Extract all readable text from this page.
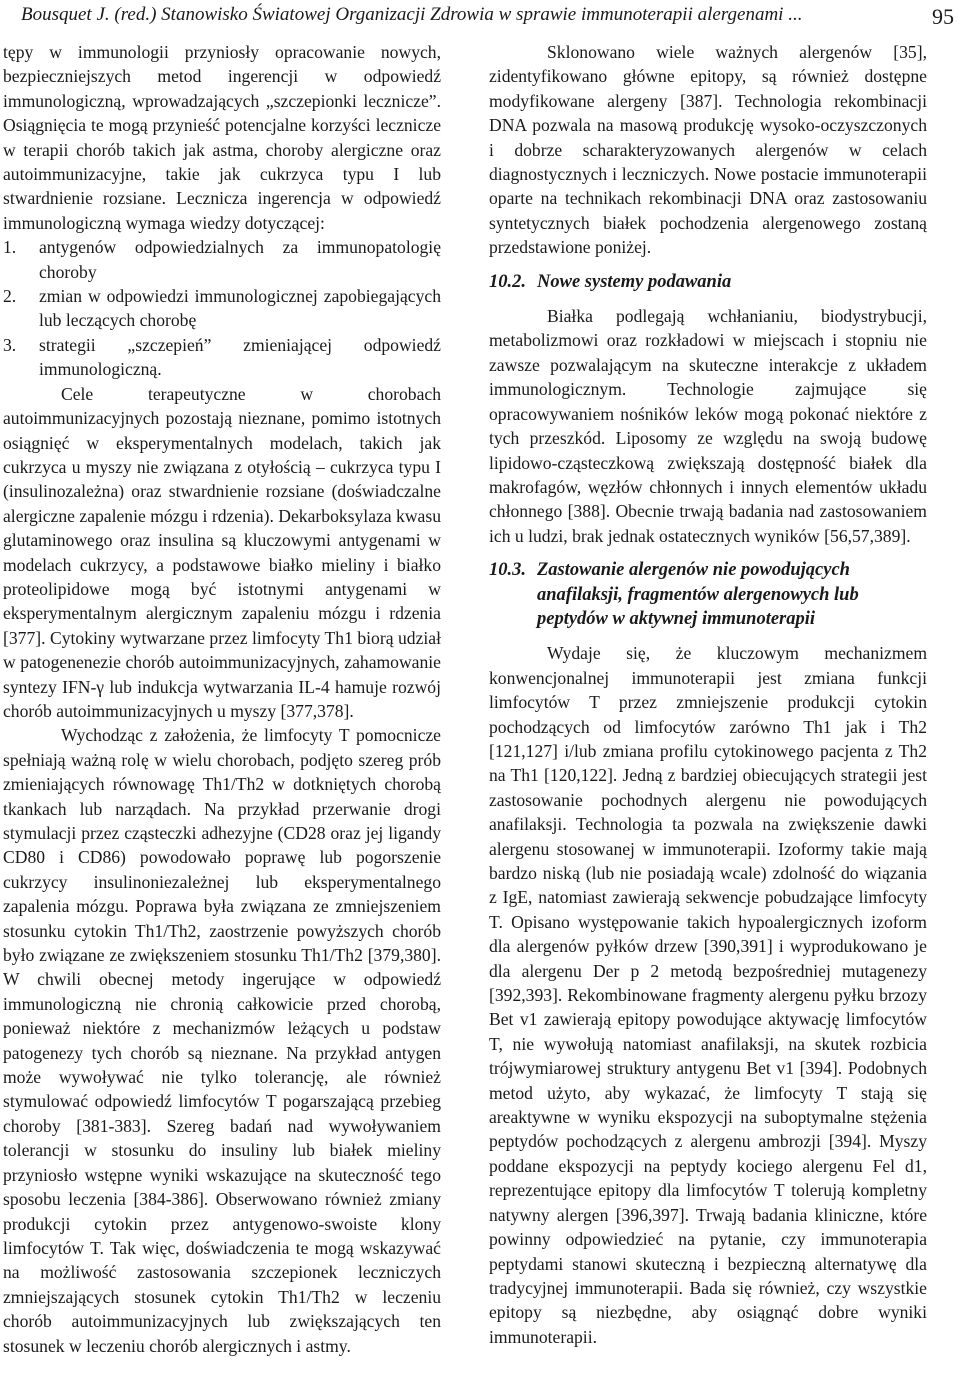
Bousquet J. (red.) Stanowisko Światowej Organizacji Zdrowia w sprawie immunoterapii alergenami ...	95

tępy w immunologii przyniosły opracowanie nowych, bezpieczniejszych metod ingerencji w odpowiedź immunologiczną, wprowadzających „szczepionki lecznicze”. Osiągnięcia te mogą przynieść potencjalne korzyści lecznicze w terapii chorób takich jak astma, choroby alergiczne oraz autoimmunizacyjne, takie jak cukrzyca typu I lub stwardnienie rozsiane. Lecznicza ingerencja w odpowiedź immunologiczną wymaga wiedzy dotyczącej:

1. antygenów odpowiedzialnych za immunopatologię choroby
2. zmian w odpowiedzi immunologicznej zapobiegających lub leczących chorobę
3. strategii „szczepień” zmieniającej odpowiedź immunologiczną.

Cele terapeutyczne w chorobach autoimmunizacyjnych pozostają nieznane, pomimo istotnych osiągnięć w eksperymentalnych modelach, takich jak cukrzyca u myszy nie związana z otyłością – cukrzyca typu I (insulinozależna) oraz stwardnienie rozsiane (doświadczalne alergiczne zapalenie mózgu i rdzenia). Dekarboksylaza kwasu glutaminowego oraz insulina są kluczowymi antygenami w modelach cukrzycy, a podstawowe białko mieliny i białko proteolipidowe mogą być istotnymi antygenami w eksperymentalnym alergicznym zapaleniu mózgu i rdzenia [377]. Cytokiny wytwarzane przez limfocyty Th1 biorą udział w patogenenezie chorób autoimmunizacyjnych, zahamowanie syntezy IFN-γ lub indukcja wytwarzania IL-4 hamuje rozwój chorób autoimmunizacyjnych u myszy [377,378].

Wychodząc z założenia, że limfocyty T pomocnicze spełniają ważną rolę w wielu chorobach, podjęto szereg prób zmieniających równowagę Th1/Th2 w dotkniętych chorobą tkankach lub narządach. Na przykład przerwanie drogi stymulacji przez cząsteczki adhezyjne (CD28 oraz jej ligandy CD80 i CD86) powodowało poprawę lub pogorszenie cukrzycy insulinoniezależnej lub eksperymentalnego zapalenia mózgu. Poprawa była związana ze zmniejszeniem stosunku cytokin Th1/Th2, zaostrzenie powyższych chorób było związane ze zwiększeniem stosunku Th1/Th2 [379,380]. W chwili obecnej metody ingerujące w odpowiedź immunologiczną nie chronią całkowicie przed chorobą, ponieważ niektóre z mechanizmów leżących u podstaw patogenezy tych chorób są nieznane. Na przykład antygen może wywoływać nie tylko tolerancję, ale również stymulować odpowiedź limfocytów T pogarszającą przebieg choroby [381-383]. Szereg badań nad wywoływaniem tolerancji w stosunku do insuliny lub białek mieliny przyniosło wstępne wyniki wskazujące na skuteczność tego sposobu leczenia [384-386]. Obserwowano również zmiany produkcji cytokin przez antygenowo-swoiste klony limfocytów T. Tak więc, doświadczenia te mogą wskazywać na możliwość zastosowania szczepionek leczniczych zmniejszających stosunek cytokin Th1/Th2 w leczeniu chorób autoimmunizacyjnych lub zwiększających ten stosunek w leczeniu chorób alergicznych i astmy.

Sklonowano wiele ważnych alergenów [35], zidentyfikowano główne epitopy, są również dostępne modyfikowane alergeny [387]. Technologia rekombinacji DNA pozwala na masową produkcję wysoko-oczyszczonych i dobrze scharakteryzowanych alergenów w celach diagnostycznych i leczniczych. Nowe postacie immunoterapii oparte na technikach rekombinacji DNA oraz zastosowaniu syntetycznych białek pochodzenia alergenowego zostaną przedstawione poniżej.

10.2. Nowe systemy podawania

Białka podlegają wchłanianiu, biodystrybucji, metabolizmowi oraz rozkładowi w miejscach i stopniu nie zawsze pozwalającym na skuteczne interakcje z układem immunologicznym. Technologie zajmujące się opracowywaniem nośników leków mogą pokonać niektóre z tych przeszkód. Liposomy ze względu na swoją budowę lipidowo-cząsteczkową zwiększają dostępność białek dla makrofagów, węzłów chłonnych i innych elementów układu chłonnego [388]. Obecnie trwają badania nad zastosowaniem ich u ludzi, brak jednak ostatecznych wyników [56,57,389].

10.3. Zastowanie alergenów nie powodujących anafilaksji, fragmentów alergenowych lub peptydów w aktywnej immunoterapii

Wydaje się, że kluczowym mechanizmem konwencjonalnej immunoterapii jest zmiana funkcji limfocytów T przez zmniejszenie produkcji cytokin pochodzących od limfocytów zarówno Th1 jak i Th2 [121,127] i/lub zmiana profilu cytokinowego pacjenta z Th2 na Th1 [120,122]. Jedną z bardziej obiecujących strategii jest zastosowanie pochodnych alergenu nie powodujących anafilaksji. Technologia ta pozwala na zwiększenie dawki alergenu stosowanej w immunoterapii. Izoformy takie mają bardzo niską (lub nie posiadają wcale) zdolność do wiązania z IgE, natomiast zawierają sekwencje pobudzające limfocyty T. Opisano występowanie takich hypoalergicznych izoform dla alergenów pyłków drzew [390,391] i wyprodukowano je dla alergenu Der p 2 metodą bezpośredniej mutagenezy [392,393]. Rekombinowane fragmenty alergenu pyłku brzozy Bet v1 zawierają epitopy powodujące aktywację limfocytów T, nie wywołują natomiast anafilaksji, na skutek rozbicia trójwymiarowej struktury antygenu Bet v1 [394]. Podobnych metod użyto, aby wykazać, że limfocyty T stają się areaktywne w wyniku ekspozycji na suboptymalne stężenia peptydów pochodzących z alergenu ambrozji [394]. Myszy poddane ekspozycji na peptydy kociego alergenu Fel d1, reprezentujące epitopy dla limfocytów T tolerują kompletny natywny alergen [396,397]. Trwają badania kliniczne, które powinny odpowiedzieć na pytanie, czy immunoterapia peptydami stanowi skuteczną i bezpieczną alternatywę dla tradycyjnej immunoterapii. Bada się również, czy wszystkie epitopy są niezbędne, aby osiągnąć dobre wyniki immunoterapii.
